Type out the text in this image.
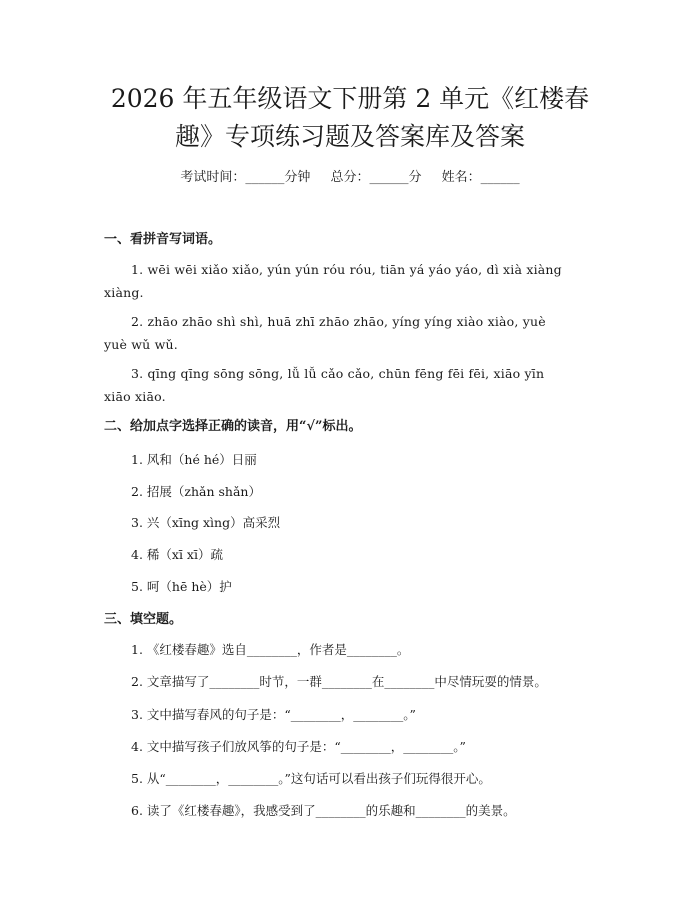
2026 年五年级语文下册第 2 单元《红楼春
趣》专项练习题及答案库及答案
考试时间：______分钟 总分：______分 姓名：______
一、看拼音写词语。
1. wēi wēi xiǎo xiǎo, yún yún róu róu, tiān yá yáo yáo, dì xià xiàng
xiàng.
2. zhāo zhāo shì shì, huā zhī zhāo zhāo, yíng yíng xiào xiào, yuè
yuè wǔ wǔ.
3. qīng qīng sōng sōng, lǚ lǚ cǎo cǎo, chūn fēng fēi fēi, xiāo yīn
xiāo xiāo.
二、给加点字选择正确的读音，用“√”标出。
1. 风和（hé hé）日丽
2. 招展（zhǎn shǎn）
3. 兴（xīng xìng）高采烈
4. 稀（xī xī）疏
5. 呵（hē hè）护
三、填空题。
1. 《红楼春趣》选自________，作者是________。
2. 文章描写了________时节，一群________在________中尽情玩耍的情景。
3. 文中描写春风的句子是：“________，________。”
4. 文中描写孩子们放风筝的句子是：“________，________。”
5. 从“________，________。”这句话可以看出孩子们玩得很开心。
6. 读了《红楼春趣》，我感受到了________的乐趣和________的美景。
